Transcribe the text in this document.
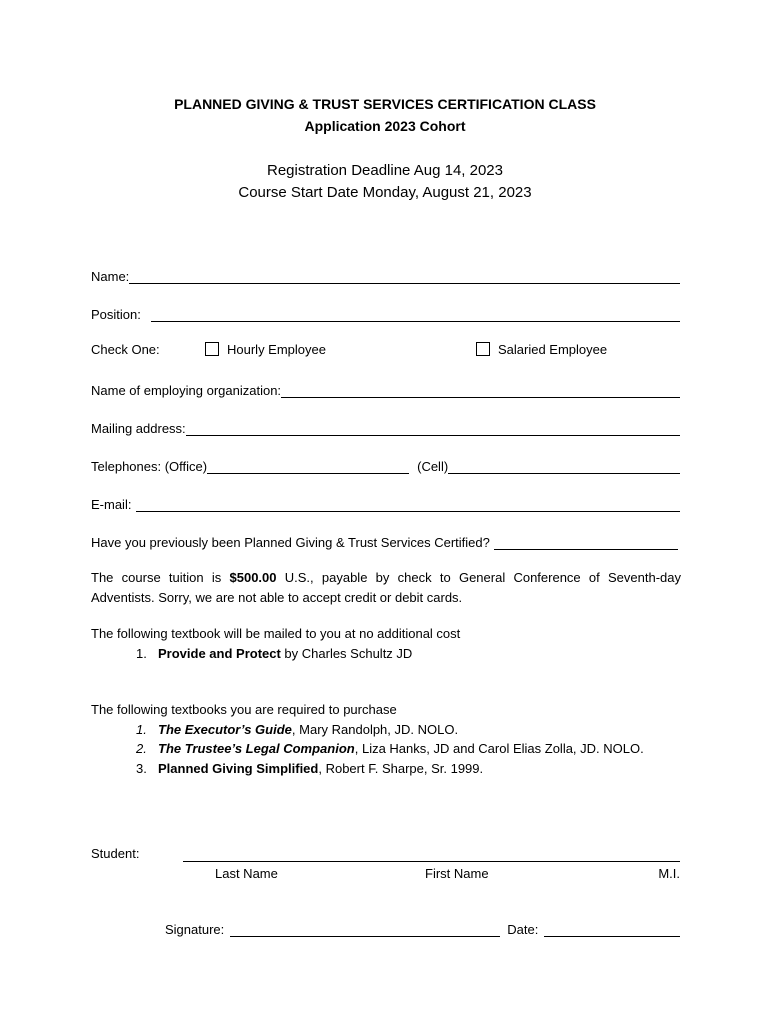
PLANNED GIVING & TRUST SERVICES CERTIFICATION CLASS
Application 2023 Cohort
Registration Deadline Aug 14, 2023
Course Start Date Monday, August 21, 2023
Name:
Position:
Check One:	Hourly Employee	Salaried Employee
Name of employing organization:
Mailing address:
Telephones: (Office)	(Cell)
E-mail:
Have you previously been Planned Giving & Trust Services Certified?
The course tuition is $500.00 U.S., payable by check to General Conference of Seventh-day Adventists. Sorry, we are not able to accept credit or debit cards.
The following textbook will be mailed to you at no additional cost
1. Provide and Protect by Charles Schultz JD
The following textbooks you are required to purchase
1. The Executor’s Guide, Mary Randolph, JD. NOLO.
2. The Trustee’s Legal Companion, Liza Hanks, JD and Carol Elias Zolla, JD. NOLO.
3. Planned Giving Simplified, Robert F. Sharpe, Sr. 1999.
Student:
Last Name	First Name	M.I.
Signature:	Date:
